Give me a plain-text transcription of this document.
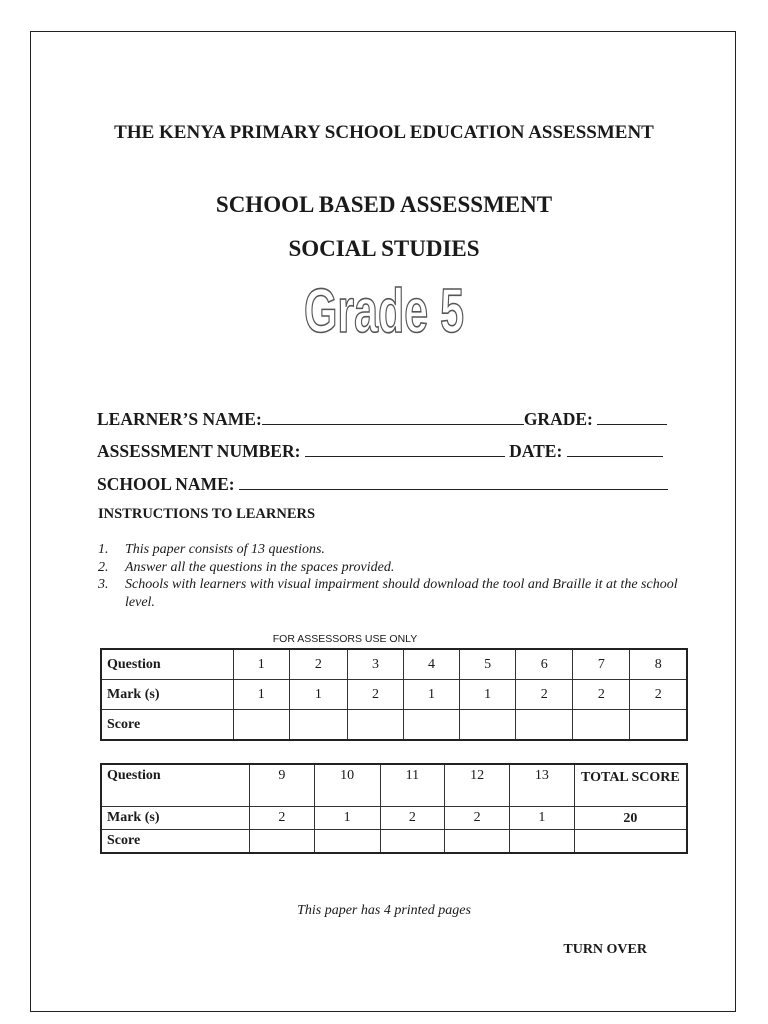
THE KENYA PRIMARY SCHOOL EDUCATION ASSESSMENT
SCHOOL BASED ASSESSMENT
SOCIAL STUDIES
Grade 5
LEARNER’S NAME:	GRADE:
ASSESSMENT NUMBER:	DATE:
SCHOOL NAME:
INSTRUCTIONS TO LEARNERS
1.	This paper consists of 13 questions.
2.	Answer all the questions in the spaces provided.
3.	Schools with learners with visual impairment should download the tool and Braille it at the school level.
FOR ASSESSORS USE ONLY
Question	1	2	3	4	5	6	7	8
Mark (s)	1	1	2	1	1	2	2	2
Score								
Question	9	10	11	12	13	TOTAL SCORE
Mark (s)	2	1	2	2	1	20
Score						
This paper has 4 printed pages
TURN OVER
